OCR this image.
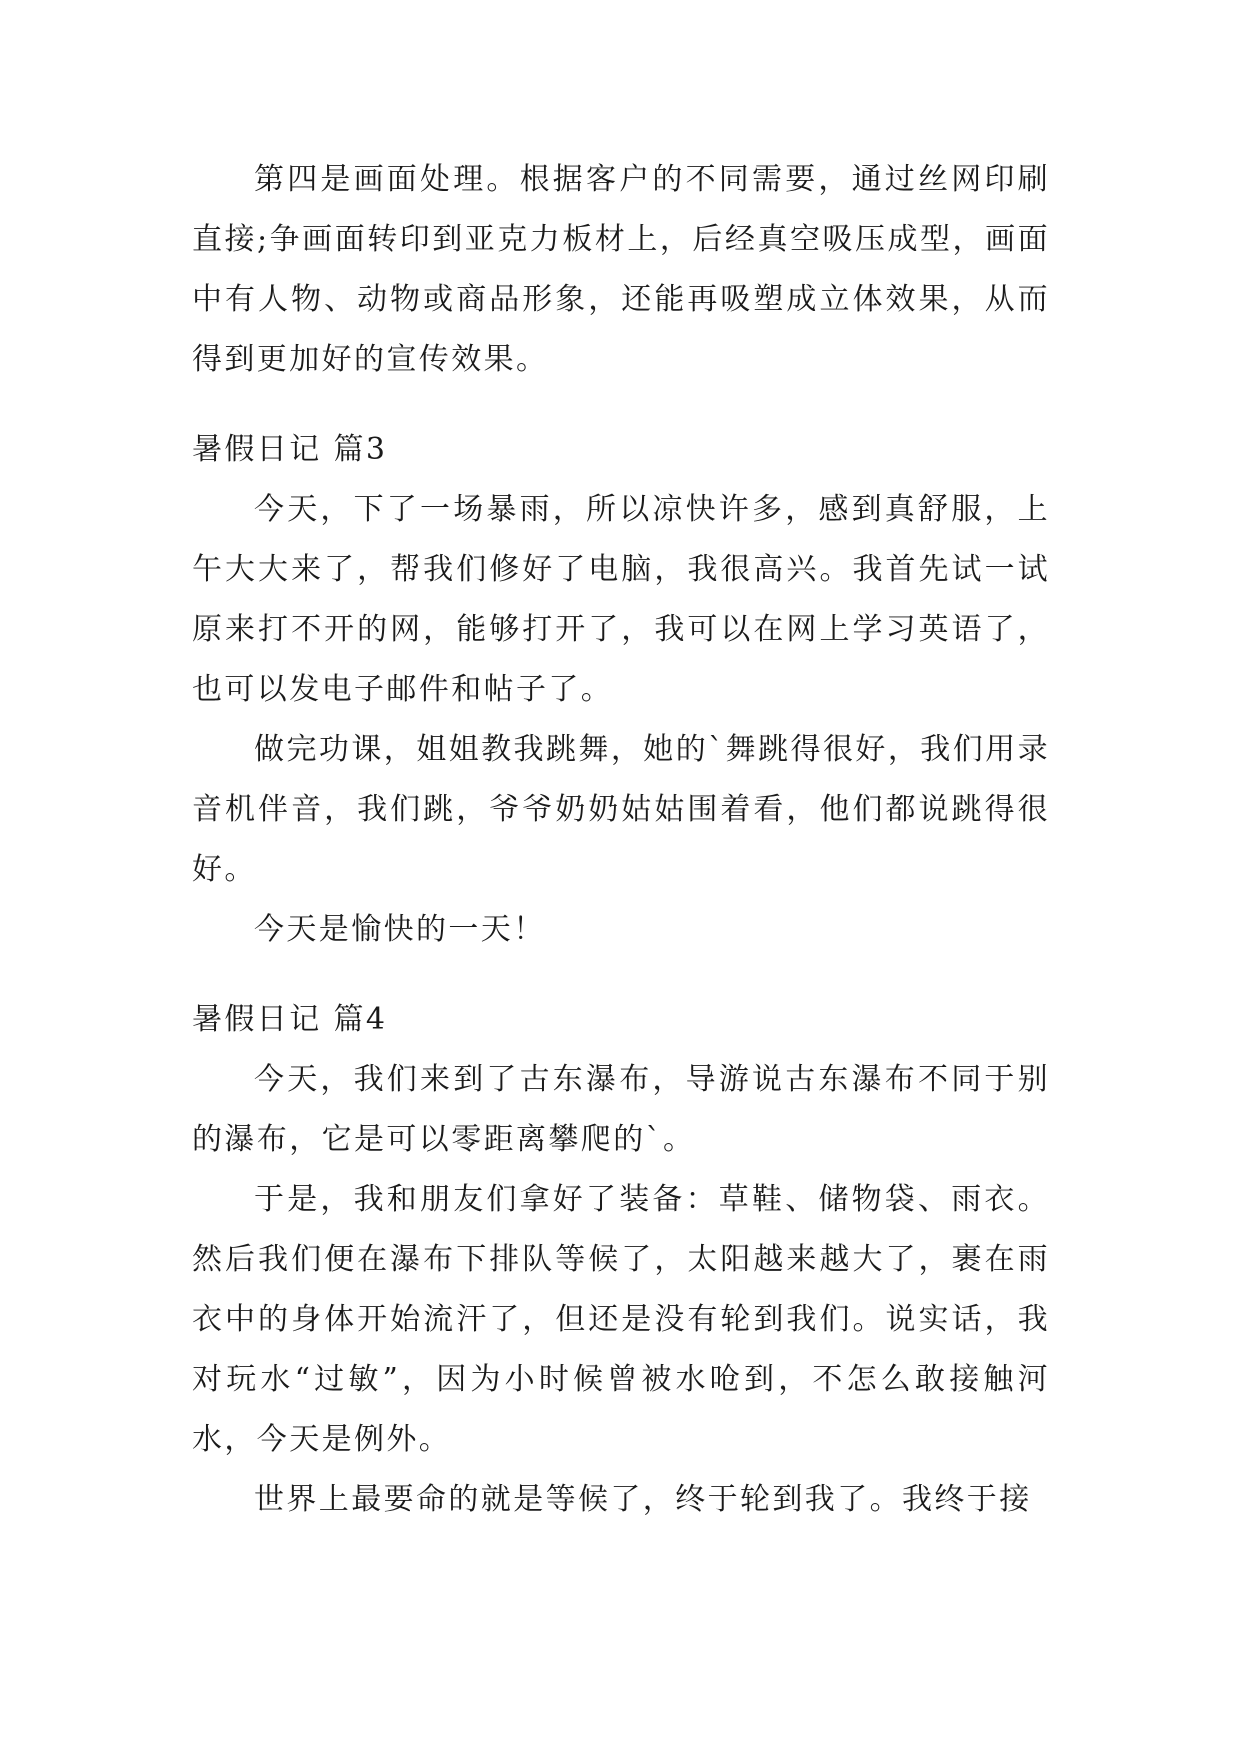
第四是画面处理。根据客户的不同需要，通过丝网印刷直接;争画面转印到亚克力板材上，后经真空吸压成型，画面中有人物、动物或商品形象，还能再吸塑成立体效果，从而得到更加好的宣传效果。

暑假日记 篇3

今天，下了一场暴雨，所以凉快许多，感到真舒服，上午大大来了，帮我们修好了电脑，我很高兴。我首先试一试原来打不开的网，能够打开了，我可以在网上学习英语了，也可以发电子邮件和帖子了。

做完功课，姐姐教我跳舞，她的`舞跳得很好，我们用录音机伴音，我们跳，爷爷奶奶姑姑围着看，他们都说跳得很好。

今天是愉快的一天！

暑假日记 篇4

今天，我们来到了古东瀑布，导游说古东瀑布不同于别的瀑布，它是可以零距离攀爬的`。

于是，我和朋友们拿好了装备：草鞋、储物袋、雨衣。然后我们便在瀑布下排队等候了，太阳越来越大了，裹在雨衣中的身体开始流汗了，但还是没有轮到我们。说实话，我对玩水“过敏”，因为小时候曾被水呛到，不怎么敢接触河水，今天是例外。

世界上最要命的就是等候了，终于轮到我了。我终于接
